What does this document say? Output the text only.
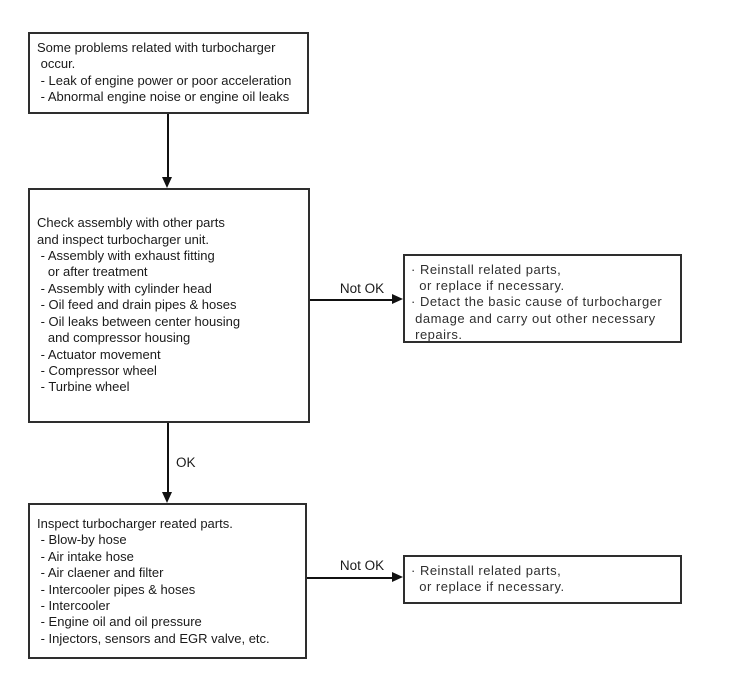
Some problems related with turbocharger
occur.
- Leak of engine power or poor acceleration
- Abnormal engine noise or engine oil leaks
Check assembly with other parts
and inspect turbocharger unit.
- Assembly with exhaust fitting
or after treatment
- Assembly with cylinder head
- Oil feed and drain pipes & hoses
- Oil leaks between center housing
and compressor housing
- Actuator movement
- Compressor wheel
- Turbine wheel
Not OK
· Reinstall related parts,
or replace if necessary.
· Detact the basic cause of turbocharger
damage and carry out other necessary
repairs.
OK
Inspect turbocharger reated parts.
- Blow-by hose
- Air intake hose
- Air claener and filter
- Intercooler pipes & hoses
- Intercooler
- Engine oil and oil pressure
- Injectors, sensors and EGR valve, etc.
Not OK	· Reinstall related parts,
or replace if necessary.
